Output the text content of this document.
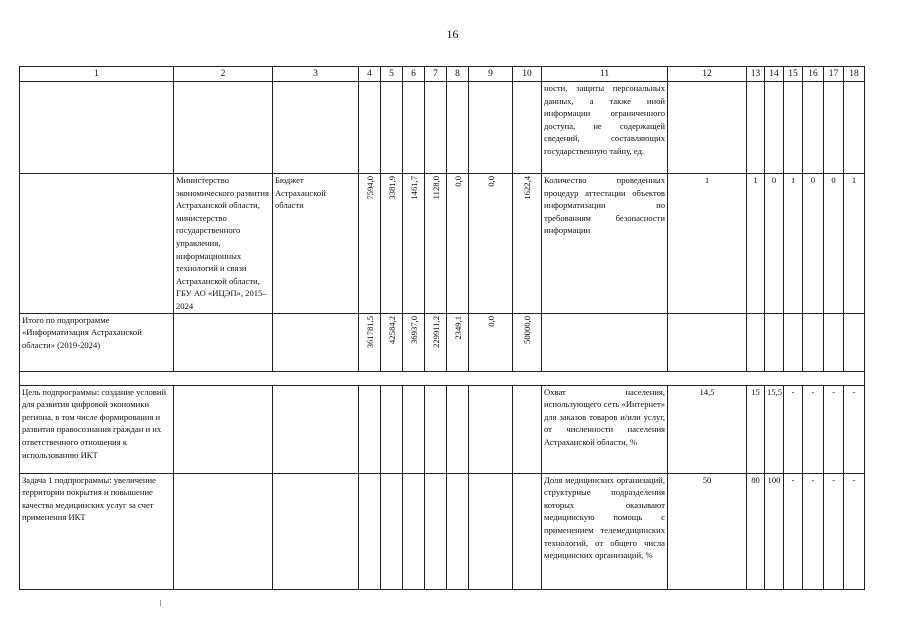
16
1	2	3	4	5	6	7	8	9	10	11	12	13	14	15	16	17	18
										ности, защиты персональных данных, а также иной информации ограниченного доступа, не содержащей сведений, составляющих государственную тайну, ед.							
	Министерство экономического развития Астраханской области, министерство государственного управления, информационных технологий и связи Астраханской области, ГБУ АО «ИЦЭП», 2015–2024	Бюджет Астраханской области	7594,0	3381,9	1461,7	1128,0	0,0	0,0	1622,4	Количество проведенных процедур аттестации объектов информатизации по требованиям безопасности информации	1	1	0	1	0	0	1
Итого по подпрограмме «Информатизация Астраханской области» (2019-2024)			361781,5	42584,2	36937,0	229911,2	2349,1	0,0	50000,0								

Цель подпрограммы: создание условий для развития цифровой экономики региона, в том числе формирования и развития правосознания граждан и их ответственного отношения к использованию ИКТ										Охват населения, использующего сеть «Интернет» для заказов товаров и/или услуг, от численности населения Астраханской области, %	14,5	15	15,5	-	-	-	-
Задача 1 подпрограммы: увеличение территории покрытия и повышение качества медицинских услуг за счет применения ИКТ										Доля медицинских организаций, структурные подразделения которых оказывают медицинскую помощь с применением телемедицинских технологий, от общего числа медицинских организаций, %	50	80	100	-	-	-	-
